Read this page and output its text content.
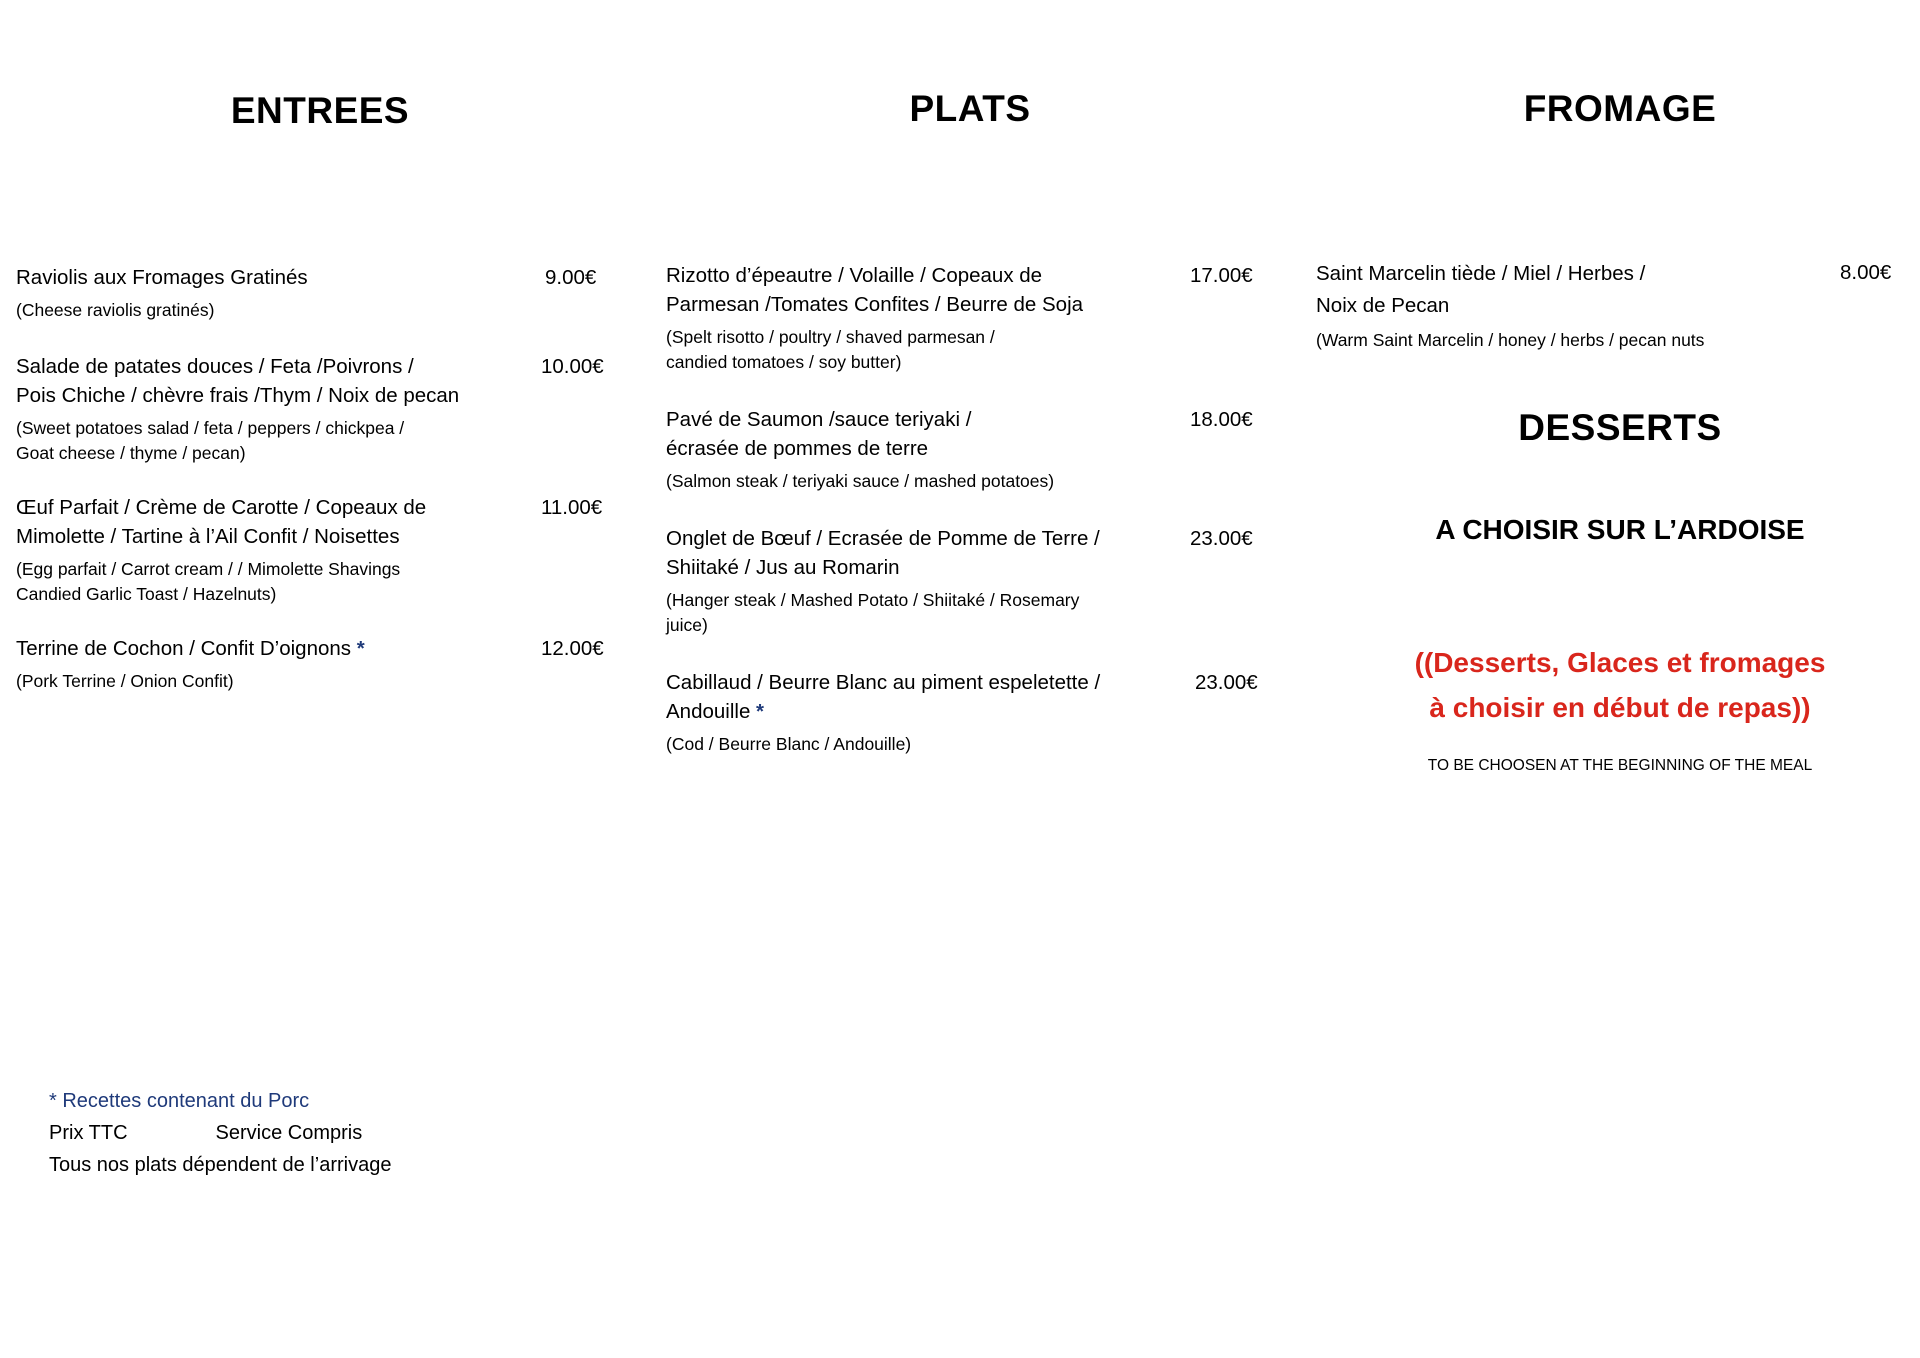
ENTREES	PLATS	FROMAGE
Raviolis aux Fromages Gratinés
(Cheese raviolis gratinés)
9.00€
Salade de patates douces / Feta /Poivrons /
Pois Chiche / chèvre frais /Thym / Noix de pecan
(Sweet potatoes salad / feta / peppers / chickpea /
Goat cheese / thyme / pecan)
10.00€
Œuf Parfait / Crème de Carotte / Copeaux de
Mimolette / Tartine à l’Ail Confit / Noisettes
(Egg parfait / Carrot cream / / Mimolette Shavings
Candied Garlic Toast / Hazelnuts)
11.00€
Terrine de Cochon / Confit D’oignons *
(Pork Terrine / Onion Confit)
12.00€
Rizotto d’épeautre / Volaille / Copeaux de
Parmesan /Tomates Confites / Beurre de Soja
(Spelt risotto / poultry / shaved parmesan /
candied tomatoes / soy butter)
17.00€
Pavé de Saumon /sauce teriyaki /
écrasée de pommes de terre
(Salmon steak / teriyaki sauce / mashed potatoes)
18.00€
Onglet de Bœuf / Ecrasée de Pomme de Terre /
Shiitaké / Jus au Romarin
(Hanger steak / Mashed Potato / Shiitaké / Rosemary
juice)
23.00€
Cabillaud / Beurre Blanc au piment espeletette /
Andouille *
(Cod / Beurre Blanc / Andouille)
23.00€
Saint Marcelin tiède / Miel / Herbes /
Noix de Pecan
(Warm Saint Marcelin / honey / herbs / pecan nuts
8.00€
DESSERTS
A CHOISIR SUR L’ARDOISE
((Desserts, Glaces et fromages
à choisir en début de repas))
TO BE CHOOSEN AT THE BEGINNING OF THE MEAL
* Recettes contenant du Porc
Prix TTC	Service Compris
Tous nos plats dépendent de l’arrivage
